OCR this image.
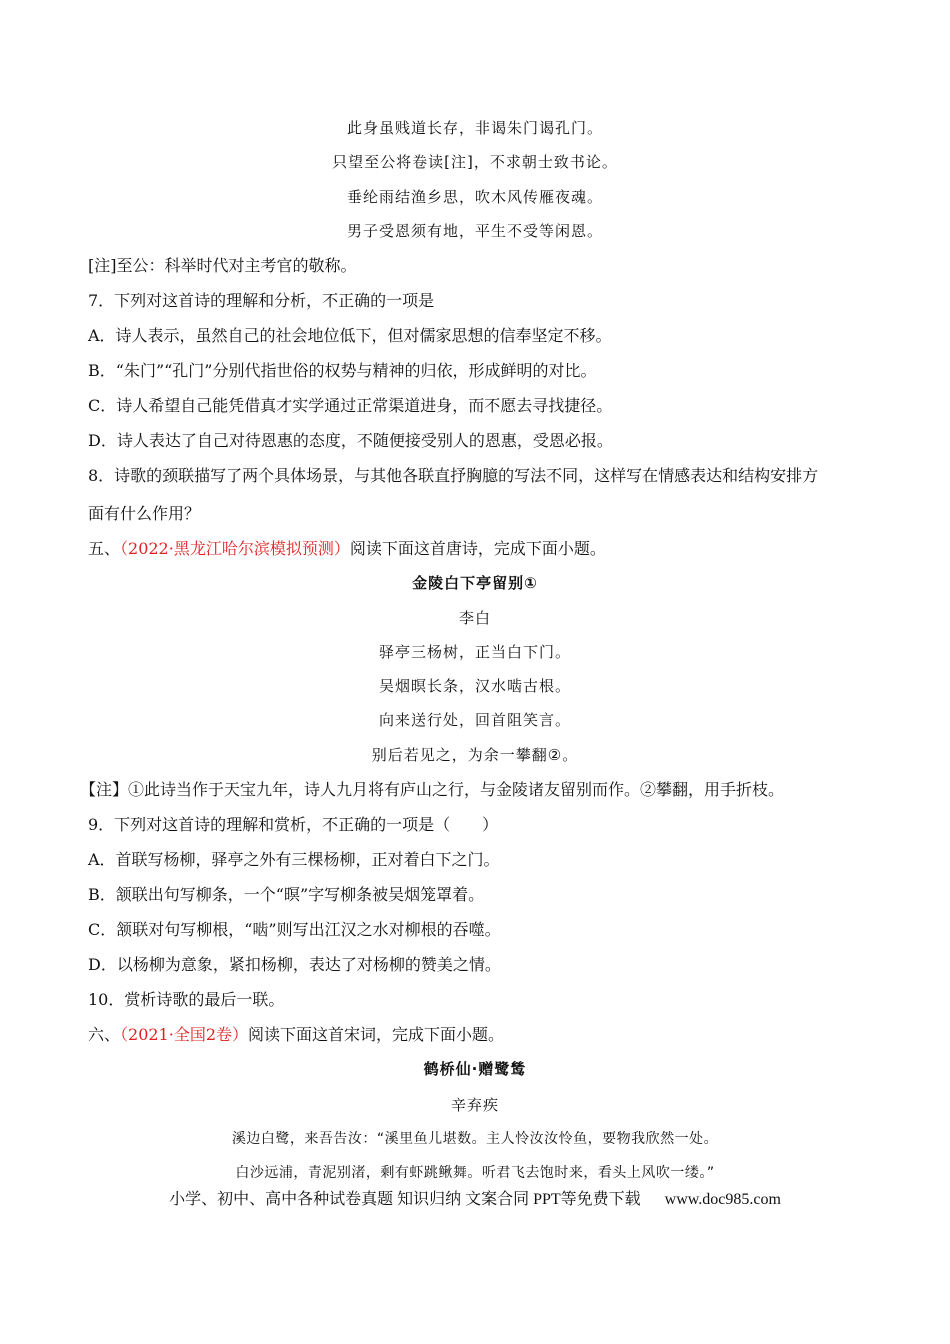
此身虽贱道长存，非谒朱门谒孔门。
只望至公将卷读[注]，不求朝士致书论。
垂纶雨结渔乡思，吹木风传雁夜魂。
男子受恩须有地，平生不受等闲恩。
[注]至公：科举时代对主考官的敬称。
7．下列对这首诗的理解和分析，不正确的一项是
A．诗人表示，虽然自己的社会地位低下，但对儒家思想的信奉坚定不移。
B．“朱门”“孔门”分别代指世俗的权势与精神的归依，形成鲜明的对比。
C．诗人希望自己能凭借真才实学通过正常渠道进身，而不愿去寻找捷径。
D．诗人表达了自己对待恩惠的态度，不随便接受别人的恩惠，受恩必报。
8．诗歌的颈联描写了两个具体场景，与其他各联直抒胸臆的写法不同，这样写在情感表达和结构安排方
面有什么作用？
五、（2022·黑龙江哈尔滨模拟预测）阅读下面这首唐诗，完成下面小题。
金陵白下亭留别①
李白
驿亭三杨树，正当白下门。
吴烟暝长条，汉水啮古根。
向来送行处，回首阻笑言。
别后若见之，为余一攀翻②。
【注】①此诗当作于天宝九年，诗人九月将有庐山之行，与金陵诸友留别而作。②攀翻，用手折枝。
9．下列对这首诗的理解和赏析，不正确的一项是（　　）
A．首联写杨柳，驿亭之外有三棵杨柳，正对着白下之门。
B．颔联出句写柳条，一个“暝”字写柳条被吴烟笼罩着。
C．颔联对句写柳根，“啮”则写出江汉之水对柳根的吞噬。
D．以杨柳为意象，紧扣杨柳，表达了对杨柳的赞美之情。
10．赏析诗歌的最后一联。
六、（2021·全国2卷）阅读下面这首宋词，完成下面小题。
鹤桥仙·赠鹭鸶
辛弃疾
溪边白鹭，来吾告汝：“溪里鱼儿堪数。主人怜汝汝怜鱼，要物我欣然一处。
白沙远浦，青泥别渚，剩有虾跳鳅舞。听君飞去饱时来，看头上风吹一缕。”
小学、初中、高中各种试卷真题 知识归纳 文案合同 PPT等免费下载 www.doc985.com
